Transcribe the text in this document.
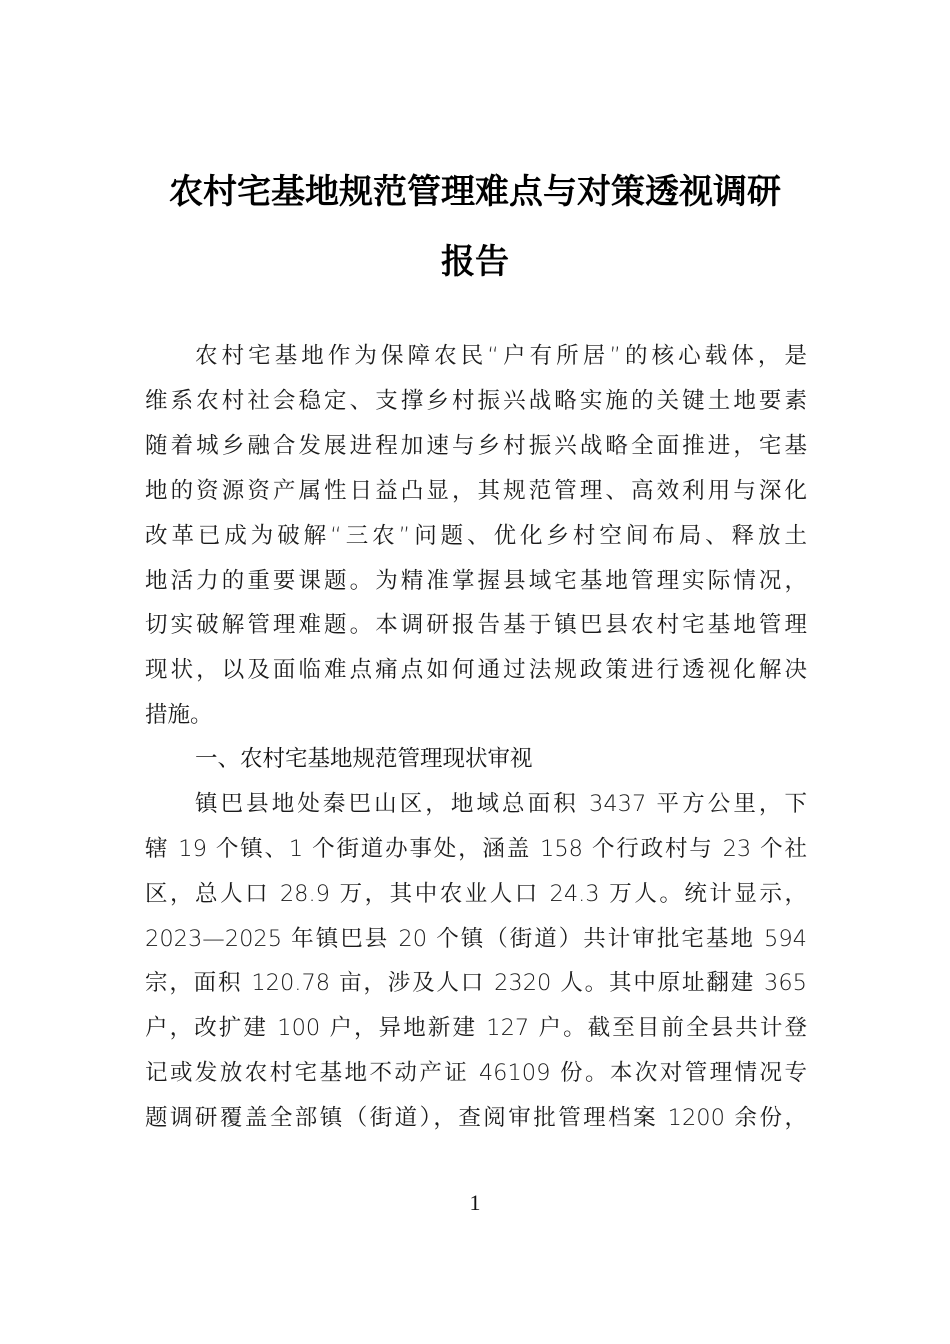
农村宅基地规范管理难点与对策透视调研
报告
农村宅基地作为保障农民“户有所居”的核心载体，是
维系农村社会稳定、支撑乡村振兴战略实施的关键土地要素
随着城乡融合发展进程加速与乡村振兴战略全面推进，宅基
地的资源资产属性日益凸显，其规范管理、高效利用与深化
改革已成为破解“三农”问题、优化乡村空间布局、释放土
地活力的重要课题。为精准掌握县域宅基地管理实际情况，
切实破解管理难题。本调研报告基于镇巴县农村宅基地管理
现状，以及面临难点痛点如何通过法规政策进行透视化解决
措施。
一、农村宅基地规范管理现状审视
镇巴县地处秦巴山区，地域总面积 3437 平方公里，下
辖 19 个镇、1 个街道办事处，涵盖 158 个行政村与 23 个社
区，总人口 28.9 万，其中农业人口 24.3 万人。统计显示，
2023—2025 年镇巴县 20 个镇（街道）共计审批宅基地 594
宗，面积 120.78 亩，涉及人口 2320 人。其中原址翻建 365
户，改扩建 100 户，异地新建 127 户。截至目前全县共计登
记或发放农村宅基地不动产证 46109 份。本次对管理情况专
题调研覆盖全部镇（街道），查阅审批管理档案 1200 余份，
1
